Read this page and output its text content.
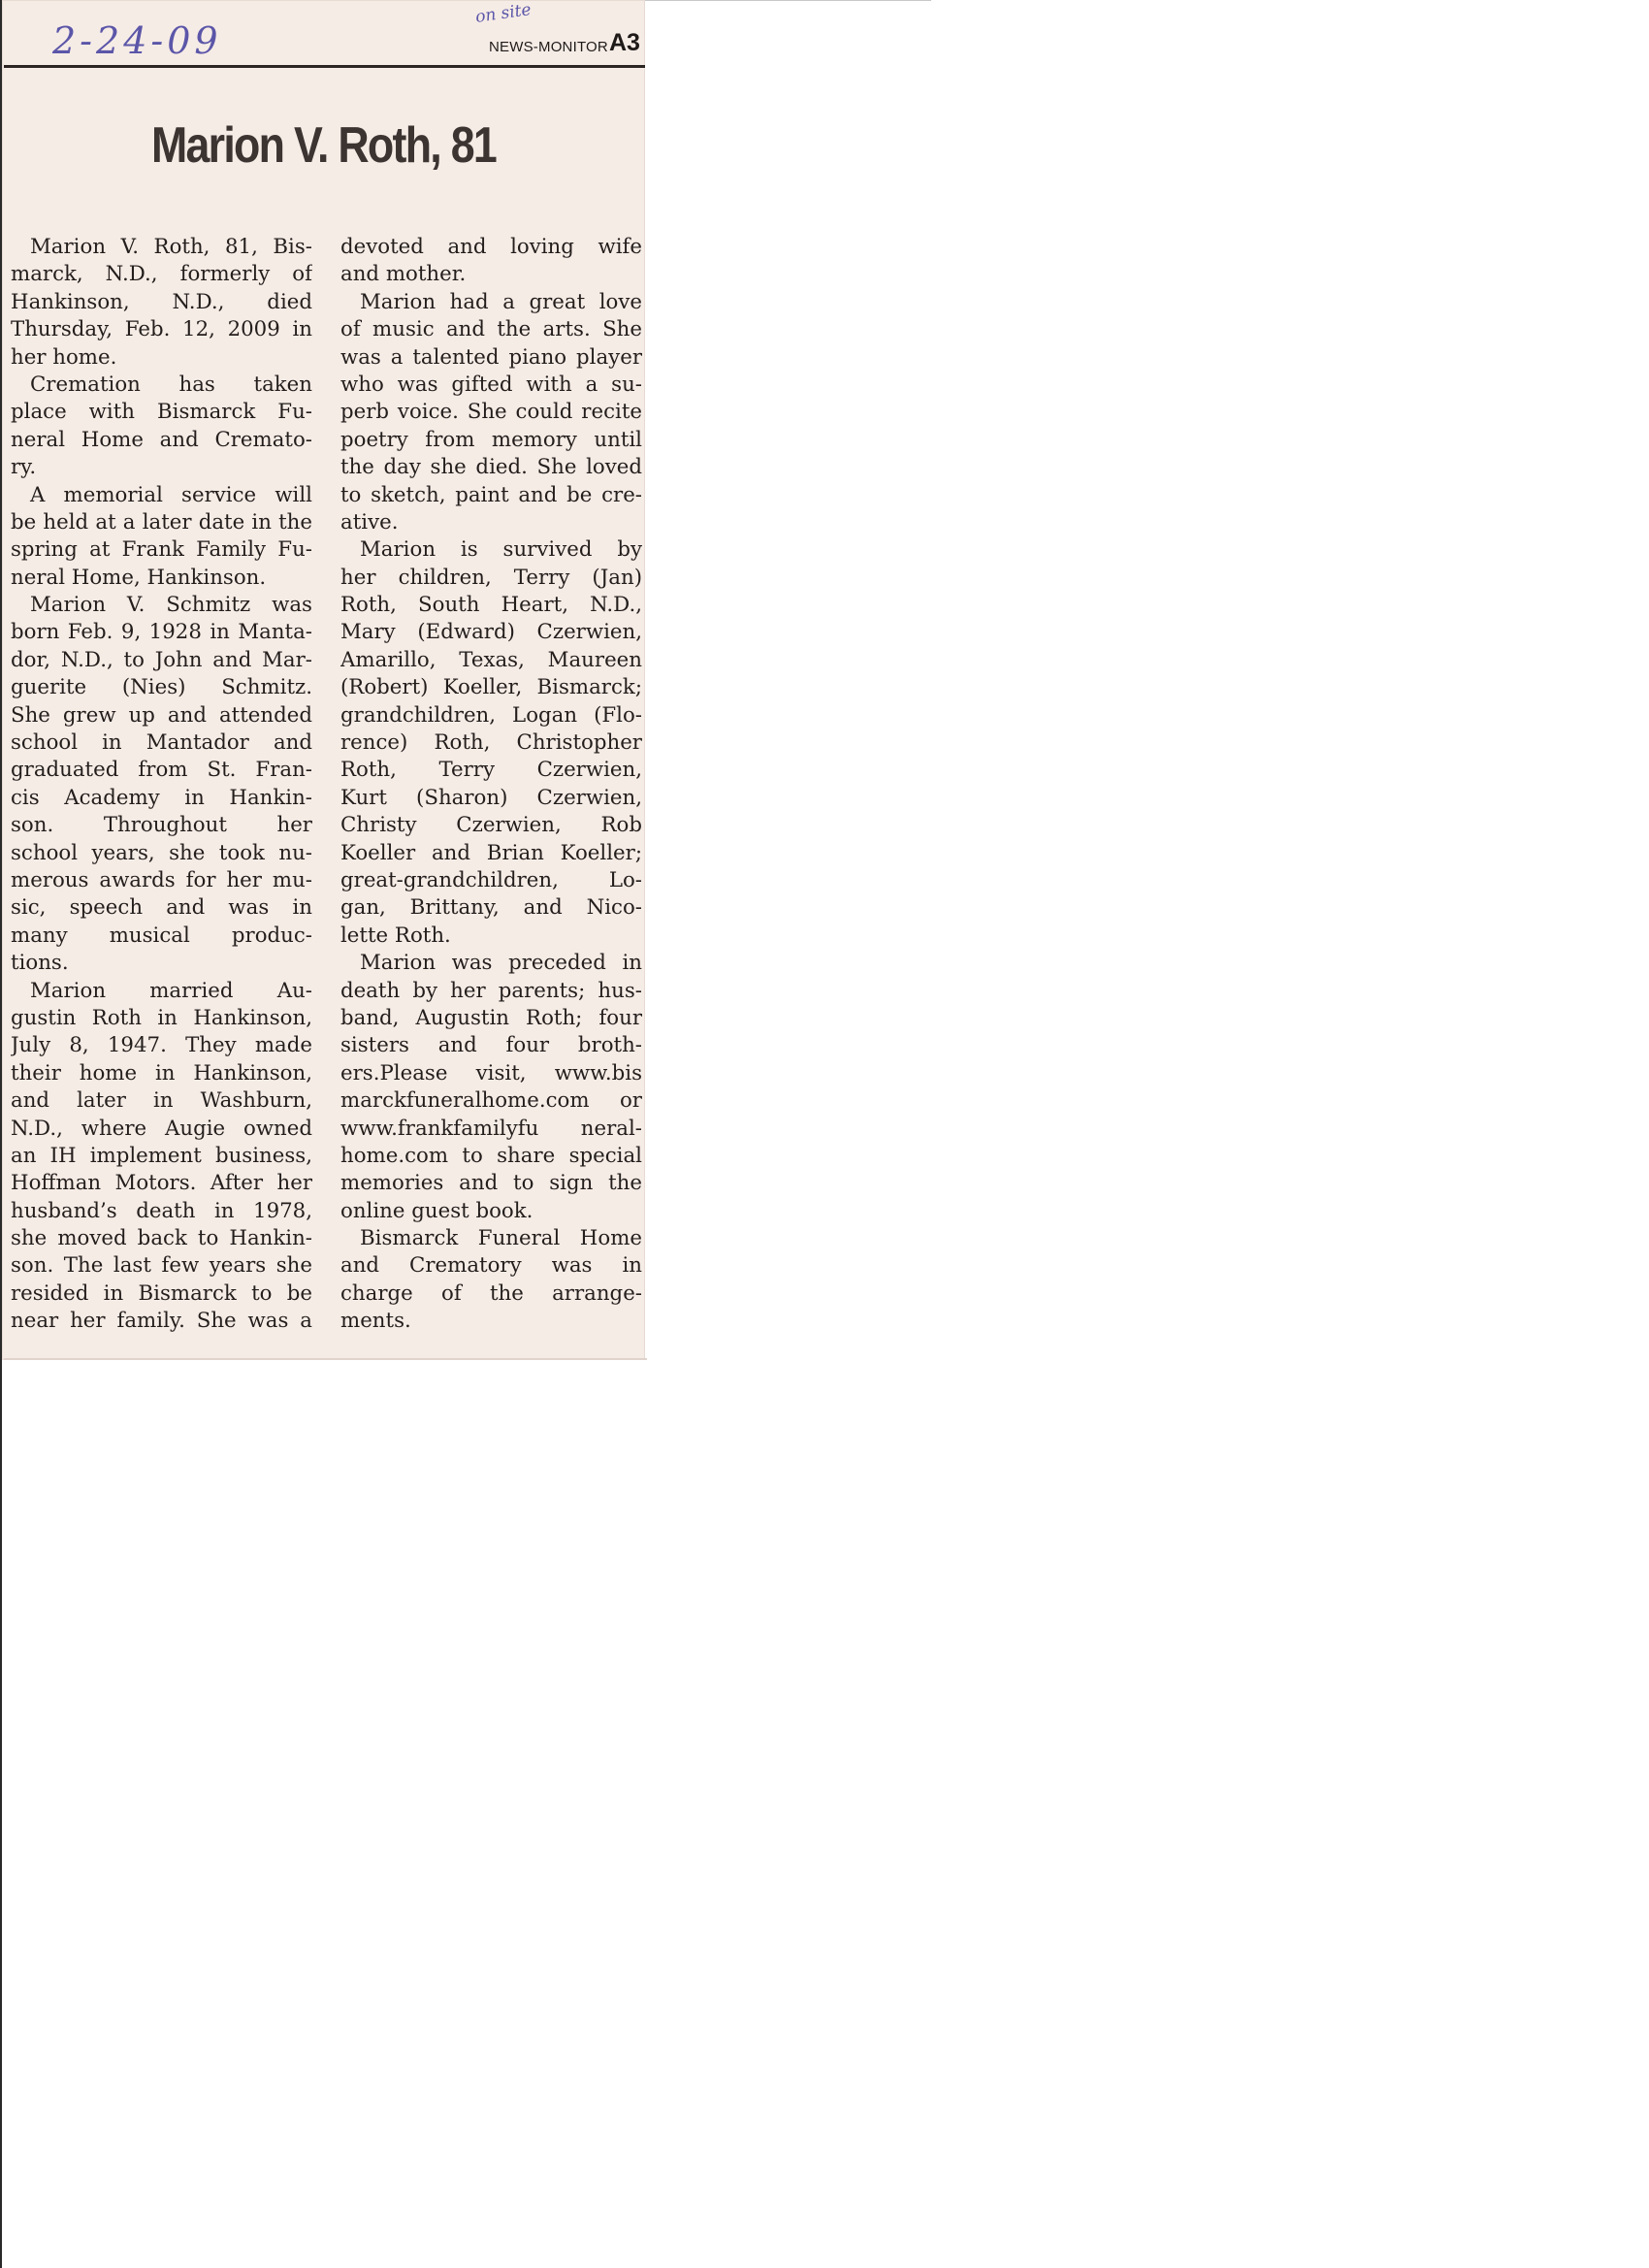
2-24-09
on site
NEWS-MONITOR A3
Marion V. Roth, 81
Marion V. Roth, 81, Bis-
marck, N.D., formerly of
Hankinson, N.D., died
Thursday, Feb. 12, 2009 in
her home.
Cremation has taken
place with Bismarck Fu-
neral Home and Cremato-
ry.
A memorial service will
be held at a later date in the
spring at Frank Family Fu-
neral Home, Hankinson.
Marion V. Schmitz was
born Feb. 9, 1928 in Manta-
dor, N.D., to John and Mar-
guerite (Nies) Schmitz.
She grew up and attended
school in Mantador and
graduated from St. Fran-
cis Academy in Hankin-
son. Throughout her
school years, she took nu-
merous awards for her mu-
sic, speech and was in
many musical produc-
tions.
Marion married Au-
gustin Roth in Hankinson,
July 8, 1947. They made
their home in Hankinson,
and later in Washburn,
N.D., where Augie owned
an IH implement business,
Hoffman Motors. After her
husband’s death in 1978,
she moved back to Hankin-
son. The last few years she
resided in Bismarck to be
near her family. She was a
devoted and loving wife
and mother.
Marion had a great love
of music and the arts. She
was a talented piano player
who was gifted with a su-
perb voice. She could recite
poetry from memory until
the day she died. She loved
to sketch, paint and be cre-
ative.
Marion is survived by
her children, Terry (Jan)
Roth, South Heart, N.D.,
Mary (Edward) Czerwien,
Amarillo, Texas, Maureen
(Robert) Koeller, Bismarck;
grandchildren, Logan (Flo-
rence) Roth, Christopher
Roth, Terry Czerwien,
Kurt (Sharon) Czerwien,
Christy Czerwien, Rob
Koeller and Brian Koeller;
great-grandchildren, Lo-
gan, Brittany, and Nico-
lette Roth.
Marion was preceded in
death by her parents; hus-
band, Augustin Roth; four
sisters and four broth-
ers.Please visit, www.bis
marckfuneralhome.com or
www.frankfamilyfu neral-
home.com to share special
memories and to sign the
online guest book.
Bismarck Funeral Home
and Crematory was in
charge of the arrange-
ments.
